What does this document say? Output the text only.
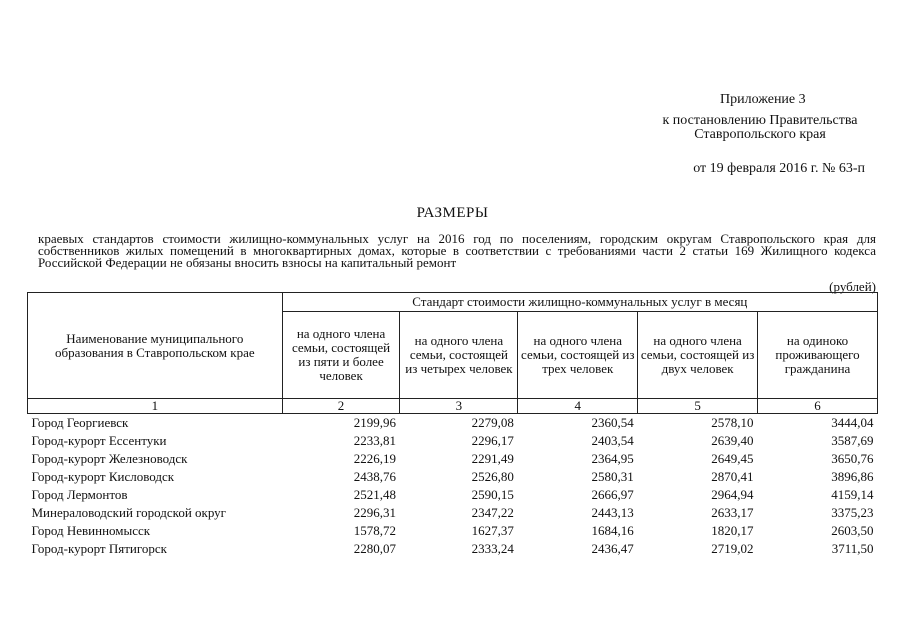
Приложение 3
к постановлению Правительства
Ставропольского края
от 19 февраля 2016 г. № 63-п
РАЗМЕРЫ
краевых стандартов стоимости жилищно-коммунальных услуг на 2016 год по поселениям, городским округам Ставропольского края для собственников жилых помещений в многоквартирных домах, которые в соответствии с требованиями части 2 статьи 169 Жилищного кодекса Российской Федерации не обязаны вносить взносы на капитальный ремонт
(рублей)
Наименование муниципального образования в Ставропольском крае	Стандарт стоимости жилищно-коммунальных услуг в месяц				
	на одного члена семьи, состоящей из пяти и более человек	на одного члена семьи, состоящей из четырех человек	на одного члена семьи, состоящей из трех человек	на одного члена семьи, состоящей из двух человек	на одиноко проживающего гражданина
1	2	3	4	5	6
Город Георгиевск	2199,96	2279,08	2360,54	2578,10	3444,04
Город-курорт Ессентуки	2233,81	2296,17	2403,54	2639,40	3587,69
Город-курорт Железноводск	2226,19	2291,49	2364,95	2649,45	3650,76
Город-курорт Кисловодск	2438,76	2526,80	2580,31	2870,41	3896,86
Город Лермонтов	2521,48	2590,15	2666,97	2964,94	4159,14
Минераловодский городской округ	2296,31	2347,22	2443,13	2633,17	3375,23
Город Невинномысск	1578,72	1627,37	1684,16	1820,17	2603,50
Город-курорт Пятигорск	2280,07	2333,24	2436,47	2719,02	3711,50
